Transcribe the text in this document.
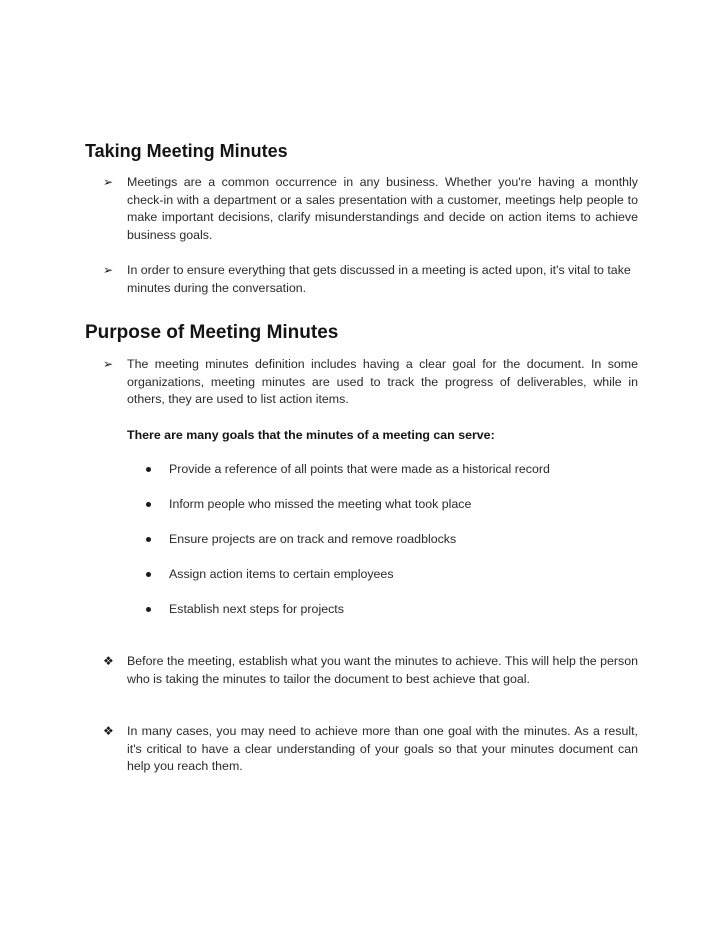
Taking Meeting Minutes
➢	Meetings are a common occurrence in any business. Whether you're having a monthly check-in with a department or a sales presentation with a customer, meetings help people to make important decisions, clarify misunderstandings and decide on action items to achieve business goals.
➢	In order to ensure everything that gets discussed in a meeting is acted upon, it's vital to take minutes during the conversation.
Purpose of Meeting Minutes
➢	The meeting minutes definition includes having a clear goal for the document. In some organizations, meeting minutes are used to track the progress of deliverables, while in others, they are used to list action items.

There are many goals that the minutes of a meeting can serve:

Provide a reference of all points that were made as a historical record
Inform people who missed the meeting what took place
Ensure projects are on track and remove roadblocks
Assign action items to certain employees
Establish next steps for projects
❖	Before the meeting, establish what you want the minutes to achieve. This will help the person who is taking the minutes to tailor the document to best achieve that goal.
❖	In many cases, you may need to achieve more than one goal with the minutes. As a result, it's critical to have a clear understanding of your goals so that your minutes document can help you reach them.
